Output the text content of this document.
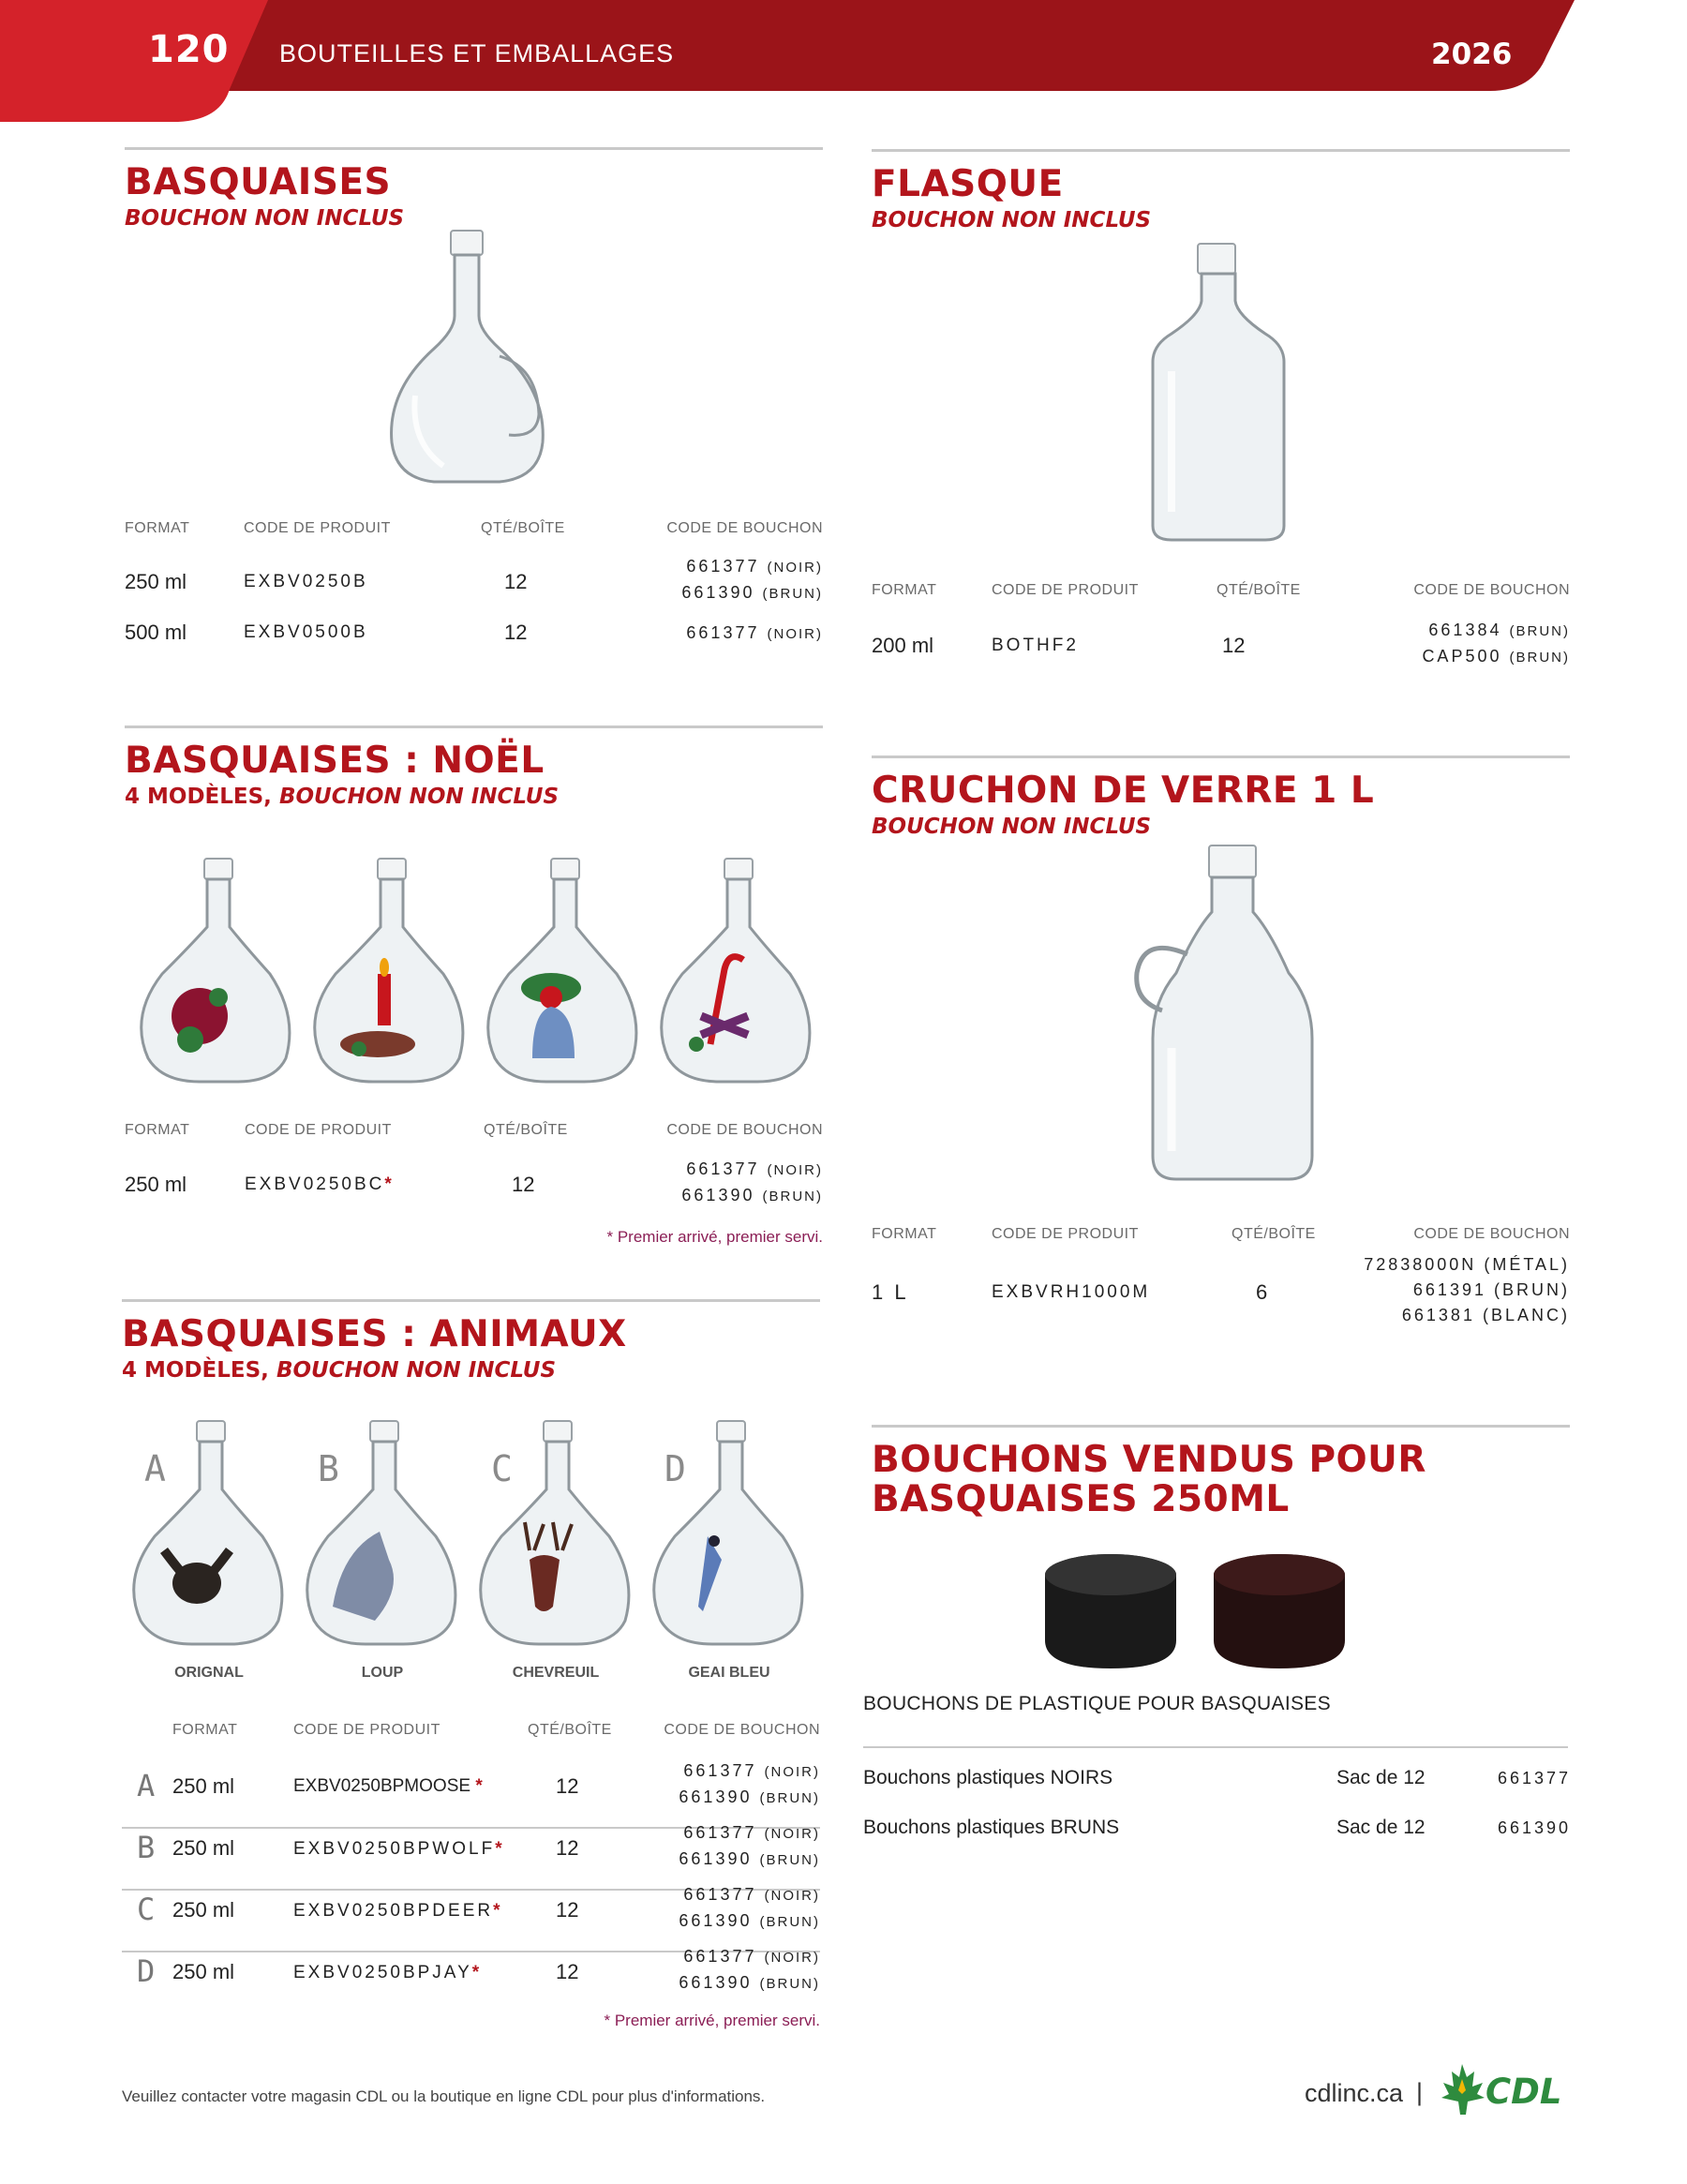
120 BOUTEILLES ET EMBALLAGES	2026
BASQUAISES
BOUCHON NON INCLUS
FORMAT	CODE DE PRODUIT	QTÉ/BOÎTE	CODE DE BOUCHON
250 ml	EXBV0250B	12
661377 (NOIR)
661390 (BRUN)
500 ml	EXBV0500B	12	661377 (NOIR)
BASQUAISES : NOËL
4 MODÈLES, BOUCHON NON INCLUS
FORMAT	CODE DE PRODUIT	QTÉ/BOÎTE	CODE DE BOUCHON
250 ml	EXBV0250BC*	12
661377 (NOIR)
661390 (BRUN)
* Premier arrivé, premier servi.
BASQUAISES : ANIMAUX
4 MODÈLES, BOUCHON NON INCLUS
A	B	C	D
ORIGNAL	LOUP	CHEVREUIL	GEAI BLEU
FORMAT	CODE DE PRODUIT	QTÉ/BOÎTE	CODE DE BOUCHON
A 250 ml	EXBV0250BPMOOSE *	12
661377 (NOIR)
661390 (BRUN)
B 250 ml	EXBV0250BPWOLF* 12
661377 (NOIR)
661390 (BRUN)
C 250 ml	EXBV0250BPDEER*	12
661377 (NOIR)
661390 (BRUN)
D 250 ml	EXBV0250BPJAY*	12
661377 (NOIR)
661390 (BRUN)
* Premier arrivé, premier servi.
FLASQUE
BOUCHON NON INCLUS
FORMAT	CODE DE PRODUIT	QTÉ/BOÎTE	CODE DE BOUCHON
200 ml	BOTHF2	12
661384 (BRUN)
CAP500 (BRUN)
CRUCHON DE VERRE 1 L
BOUCHON NON INCLUS
FORMAT	CODE DE PRODUIT	QTÉ/BOÎTE	CODE DE BOUCHON
1 L	EXBVRH1000M	6
72838000N (MÉTAL)
661391 (BRUN)
661381 (BLANC)
BOUCHONS VENDUS POUR
BASQUAISES 250ML
BOUCHONS DE PLASTIQUE POUR BASQUAISES
Bouchons plastiques NOIRS	Sac de 12	661377
Bouchons plastiques BRUNS	Sac de 12	661390
Veuillez contacter votre magasin CDL ou la boutique en ligne CDL pour plus d'informations.	cdlinc.ca | CDL
